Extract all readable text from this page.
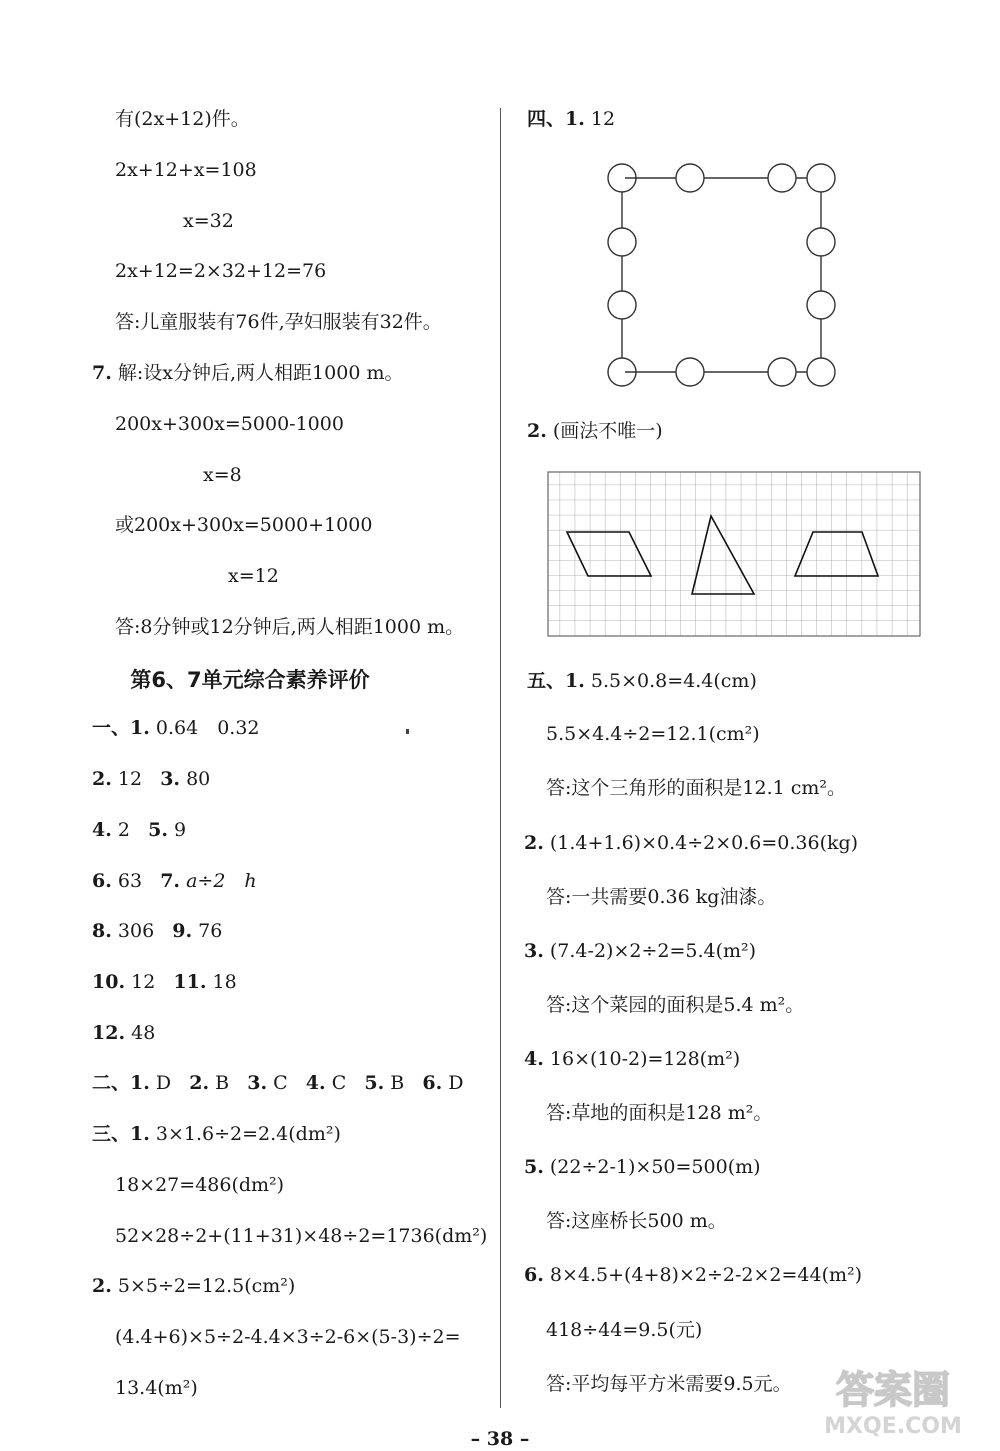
有(2x+12)件。
2x+12+x=108
x=32
2x+12=2×32+12=76
答:儿童服装有76件,孕妇服装有32件。
7. 解:设x分钟后,两人相距1000 m。
200x+300x=5000-1000
x=8
或200x+300x=5000+1000
x=12
答:8分钟或12分钟后,两人相距1000 m。
第6、7单元综合素养评价
一、1. 0.64　0.32
2. 12 3. 80
4. 2 5. 9
6. 63 7. a÷2　h
8. 306 9. 76
10. 12 11. 18
12. 48
二、1. D 2. B 3. C 4. C 5. B 6. D
三、1. 3×1.6÷2=2.4(dm²)
18×27=486(dm²)
52×28÷2+(11+31)×48÷2=1736(dm²)
2. 5×5÷2=12.5(cm²)
(4.4+6)×5÷2-4.4×3÷2-6×(5-3)÷2=
13.4(m²)
四、1. 12
2. (画法不唯一)
五、1. 5.5×0.8=4.4(cm)
5.5×4.4÷2=12.1(cm²)
答:这个三角形的面积是12.1 cm²。
2. (1.4+1.6)×0.4÷2×0.6=0.36(kg)
答:一共需要0.36 kg油漆。
3. (7.4-2)×2÷2=5.4(m²)
答:这个菜园的面积是5.4 m²。
4. 16×(10-2)=128(m²)
答:草地的面积是128 m²。
5. (22÷2-1)×50=500(m)
答:这座桥长500 m。
6. 8×4.5+(4+8)×2÷2-2×2=44(m²)
418÷44=9.5(元)
答:平均每平方米需要9.5元。
– 38 –
答案圈
MXQE.COM
